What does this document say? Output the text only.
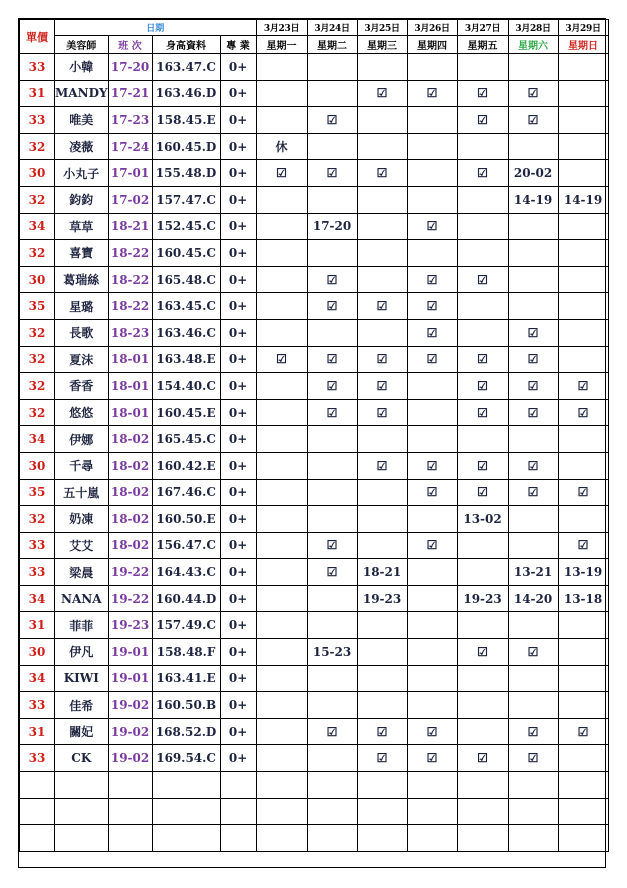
單價	日期				3月23日	3月24日	3月25日	3月26日	3月27日	3月28日	3月29日
	美容師	班 次	身高資料	專 業	星期一	星期二	星期三	星期四	星期五	星期六	星期日
33	小韓	17-20	163.47.C	0+							
31	MANDY	17-21	163.46.D	0+			☑	☑	☑	☑	
33	唯美	17-23	158.45.E	0+		☑			☑	☑	
32	凌薇	17-24	160.45.D	0+	休						
30	小丸子	17-01	155.48.D	0+	☑	☑	☑		☑	20-02	
32	鈞鈞	17-02	157.47.C	0+						14-19	14-19
34	草草	18-21	152.45.C	0+		17-20		☑			
32	喜寶	18-22	160.45.C	0+							
30	葛瑞絲	18-22	165.48.C	0+		☑		☑	☑		
35	星璐	18-22	163.45.C	0+		☑	☑	☑			
32	長歌	18-23	163.46.C	0+				☑		☑	
32	夏沫	18-01	163.48.E	0+	☑	☑	☑	☑	☑	☑	
32	香香	18-01	154.40.C	0+		☑	☑		☑	☑	☑
32	悠悠	18-01	160.45.E	0+		☑	☑		☑	☑	☑
34	伊娜	18-02	165.45.C	0+							
30	千尋	18-02	160.42.E	0+			☑	☑	☑	☑	
35	五十嵐	18-02	167.46.C	0+				☑	☑	☑	☑
32	奶凍	18-02	160.50.E	0+					13-02		
33	艾艾	18-02	156.47.C	0+		☑		☑			☑
33	梁晨	19-22	164.43.C	0+		☑	18-21			13-21	13-19
34	NANA	19-22	160.44.D	0+			19-23		19-23	14-20	13-18
31	菲菲	19-23	157.49.C	0+							
30	伊凡	19-01	158.48.F	0+		15-23			☑	☑	
34	KIWI	19-01	163.41.E	0+							
33	佳希	19-02	160.50.B	0+							
31	關妃	19-02	168.52.D	0+		☑	☑	☑		☑	☑
33	CK	19-02	169.54.C	0+			☑	☑	☑	☑	
